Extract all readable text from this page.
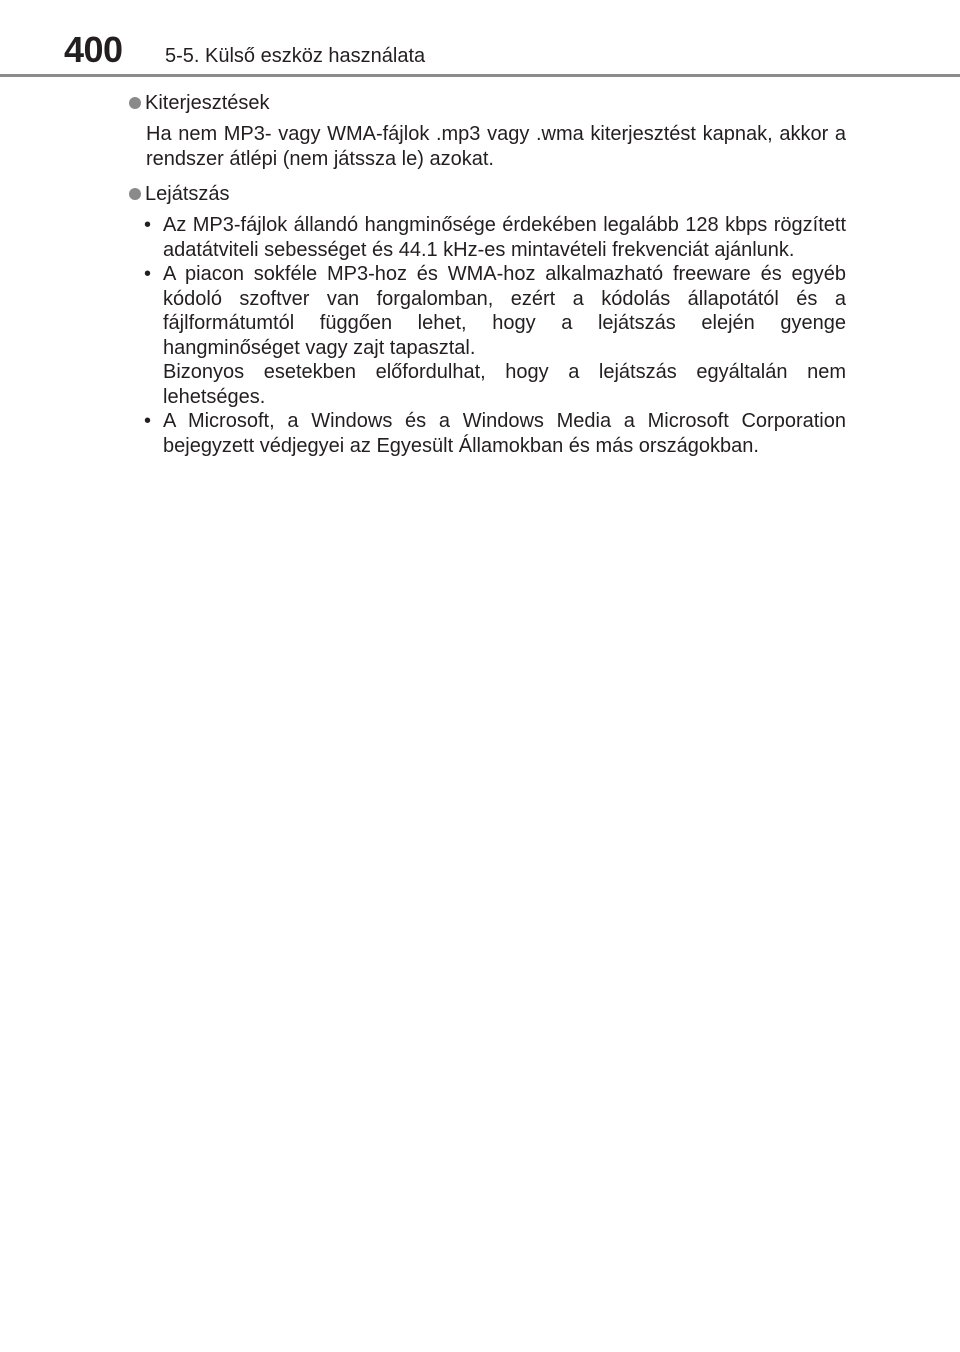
400 5-5. Külső eszköz használata
Kiterjesztések

Ha nem MP3- vagy WMA-fájlok .mp3 vagy .wma kiterjesztést kapnak, akkor a rendszer átlépi (nem játssza le) azokat.

Lejátszás
• Az MP3-fájlok állandó hangminősége érdekében legalább 128 kbps rögzített adatátviteli sebességet és 44.1 kHz-es mintavételi frekvenciát ajánlunk.

• A piacon sokféle MP3-hoz és WMA-hoz alkalmazható freeware és egyéb kódoló szoftver van forgalomban, ezért a kódolás állapotától és a fájlformátumtól függően lehet, hogy a lejátszás elején gyenge hangminőséget vagy zajt tapasztal.

Bizonyos esetekben előfordulhat, hogy a lejátszás egyáltalán nem lehetséges.

• A Microsoft, a Windows és a Windows Media a Microsoft Corporation bejegyzett védjegyei az Egyesült Államokban és más országokban.
